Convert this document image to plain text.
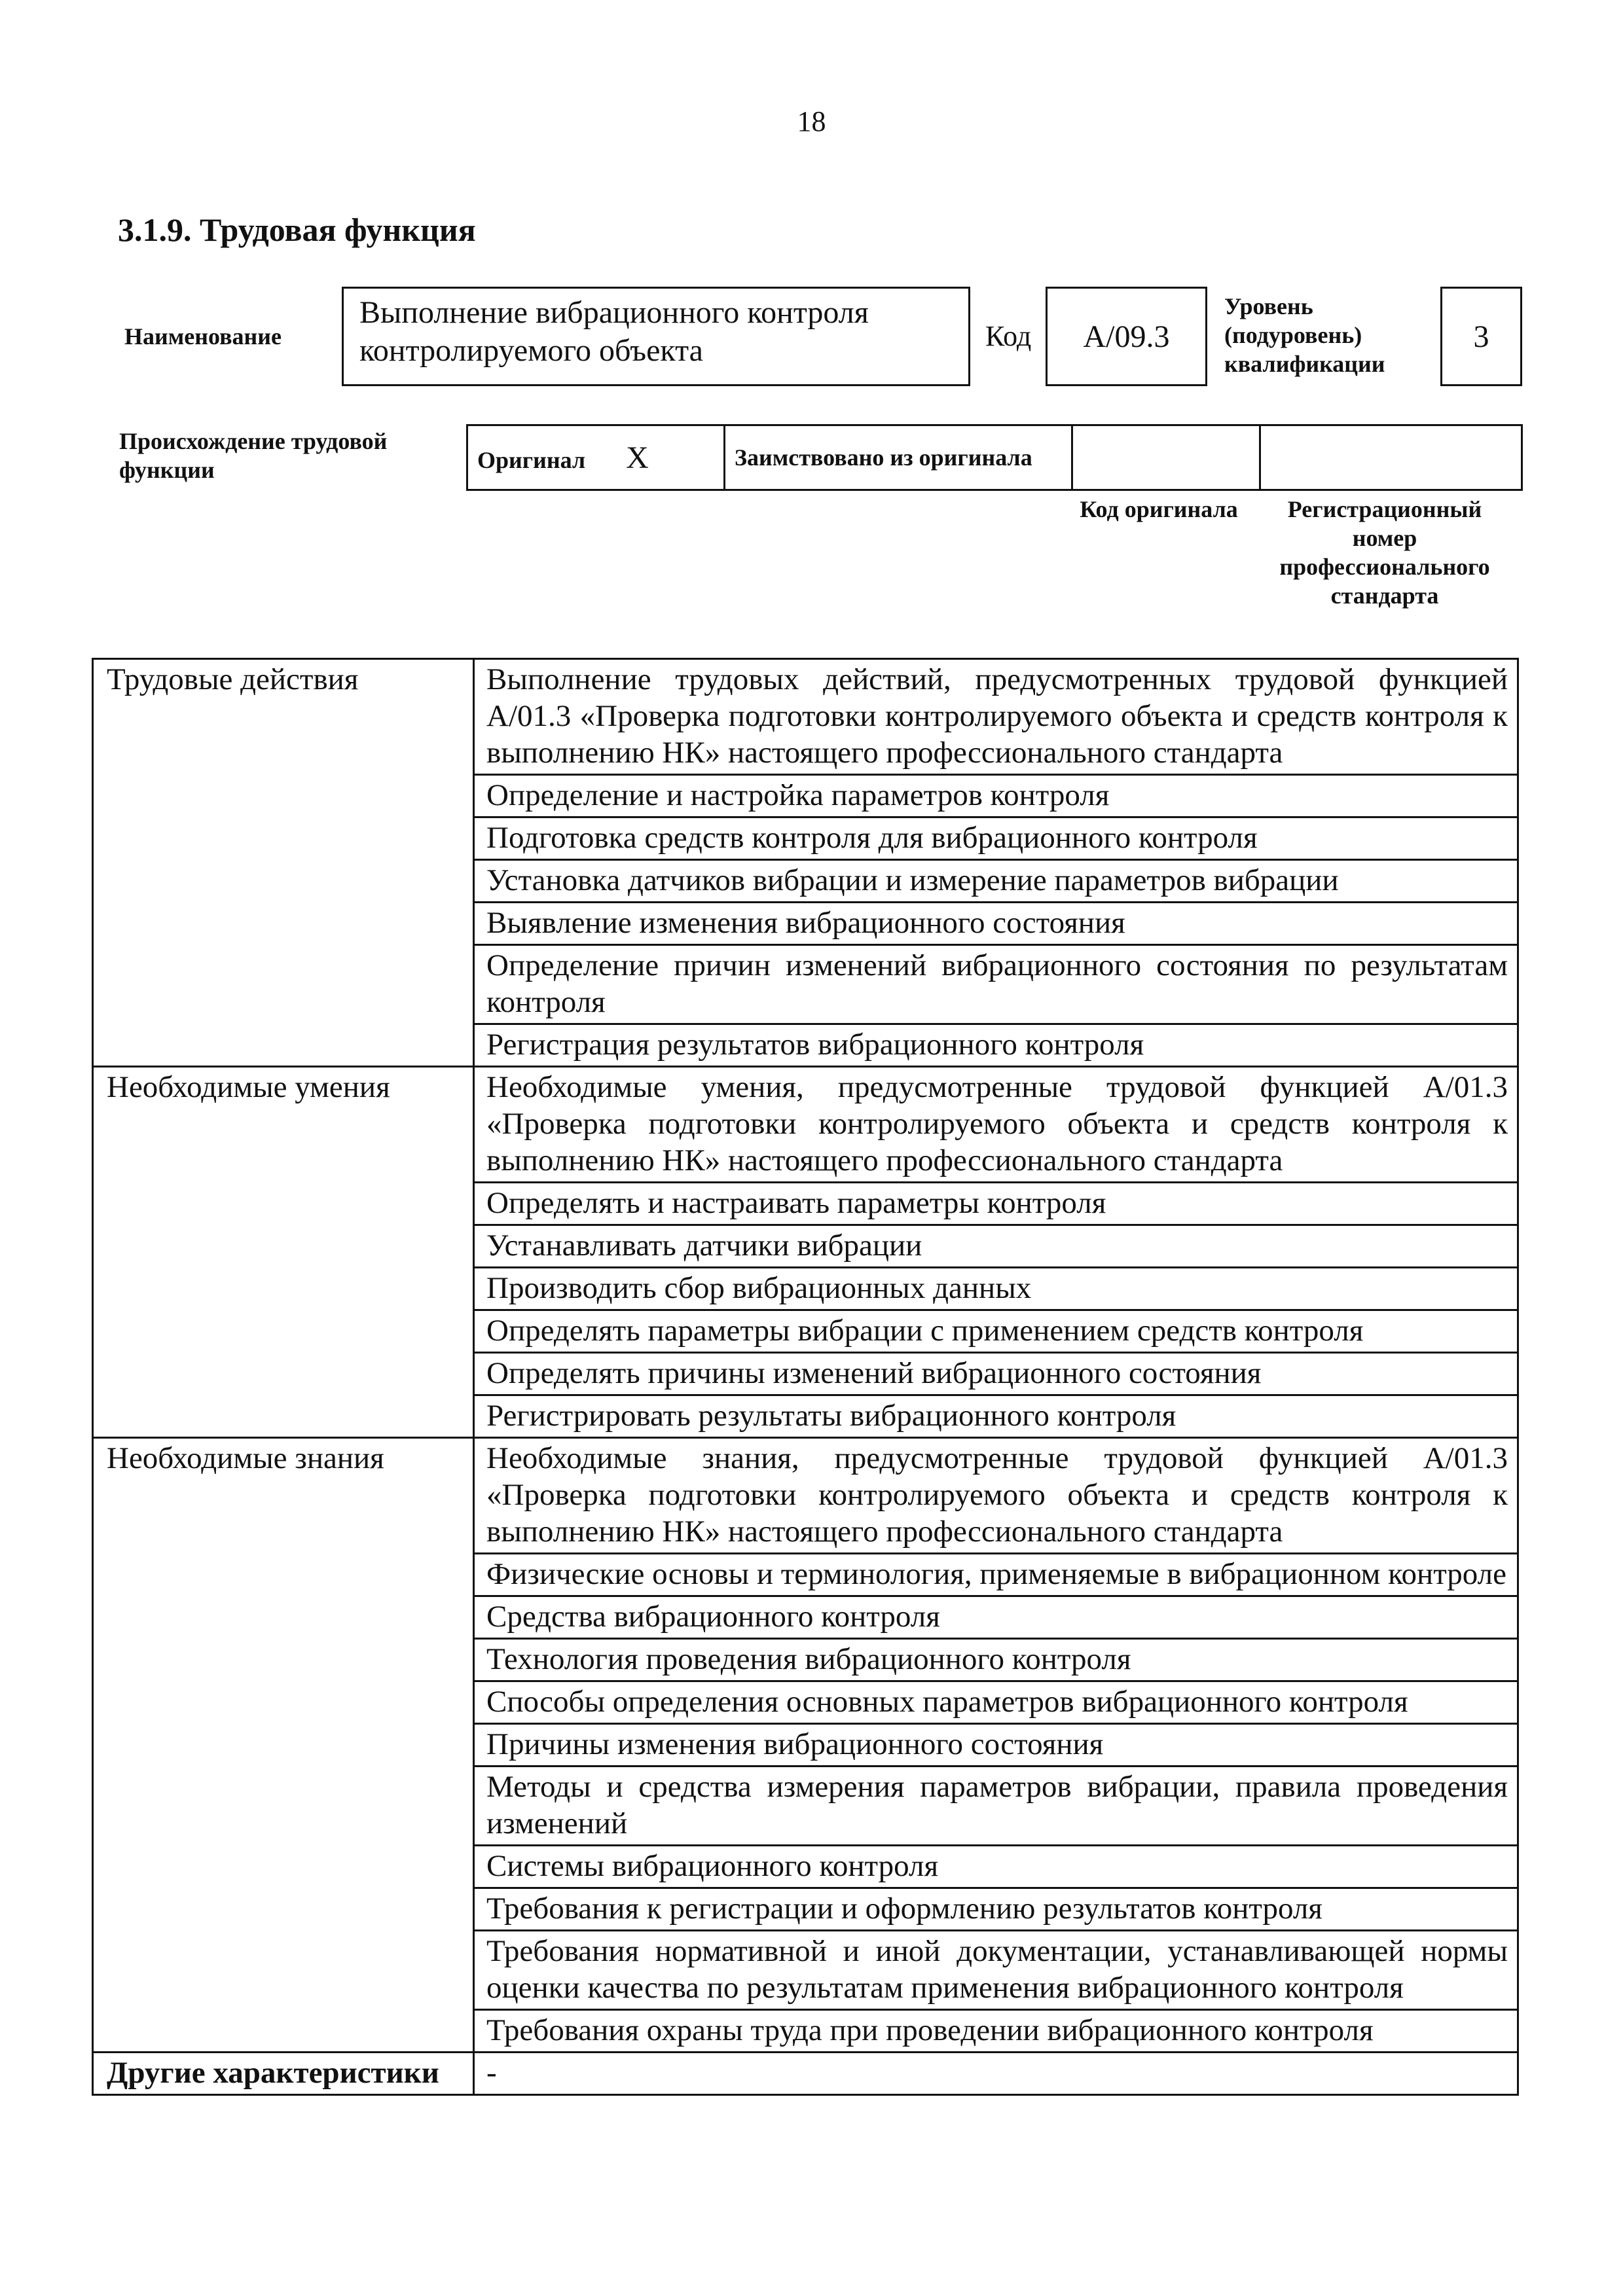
18
3.1.9. Трудовая функция
Наименование
Выполнение вибрационного контроля контролируемого объекта	Код A/09.3
Уровень
(подуровень)
квалификации
3
Происхождение трудовой функции	Оригинал X	Заимствовано из оригинала		
Код оригинала	Регистрационный номер профессионального стандарта
Трудовые действия	Выполнение трудовых действий, предусмотренных трудовой функцией A/01.3 «Проверка подготовки контролируемого объекта и средств контроля к выполнению НК» настоящего профессионального стандарта
	Определение и настройка параметров контроля
	Подготовка средств контроля для вибрационного контроля
	Установка датчиков вибрации и измерение параметров вибрации
	Выявление изменения вибрационного состояния
	Определение причин изменений вибрационного состояния по результатам контроля
	Регистрация результатов вибрационного контроля
Необходимые умения	Необходимые умения, предусмотренные трудовой функцией A/01.3 «Проверка подготовки контролируемого объекта и средств контроля к выполнению НК» настоящего профессионального стандарта
	Определять и настраивать параметры контроля
	Устанавливать датчики вибрации
	Производить сбор вибрационных данных
	Определять параметры вибрации с применением средств контроля
	Определять причины изменений вибрационного состояния
	Регистрировать результаты вибрационного контроля
Необходимые знания	Необходимые знания, предусмотренные трудовой функцией A/01.3 «Проверка подготовки контролируемого объекта и средств контроля к выполнению НК» настоящего профессионального стандарта
	Физические основы и терминология, применяемые в вибрационном контроле
	Средства вибрационного контроля
	Технология проведения вибрационного контроля
	Способы определения основных параметров вибрационного контроля
	Причины изменения вибрационного состояния
	Методы и средства измерения параметров вибрации, правила проведения изменений
	Системы вибрационного контроля
	Требования к регистрации и оформлению результатов контроля
	Требования нормативной и иной документации, устанавливающей нормы оценки качества по результатам применения вибрационного контроля
	Требования охраны труда при проведении вибрационного контроля
Другие характеристики	-
